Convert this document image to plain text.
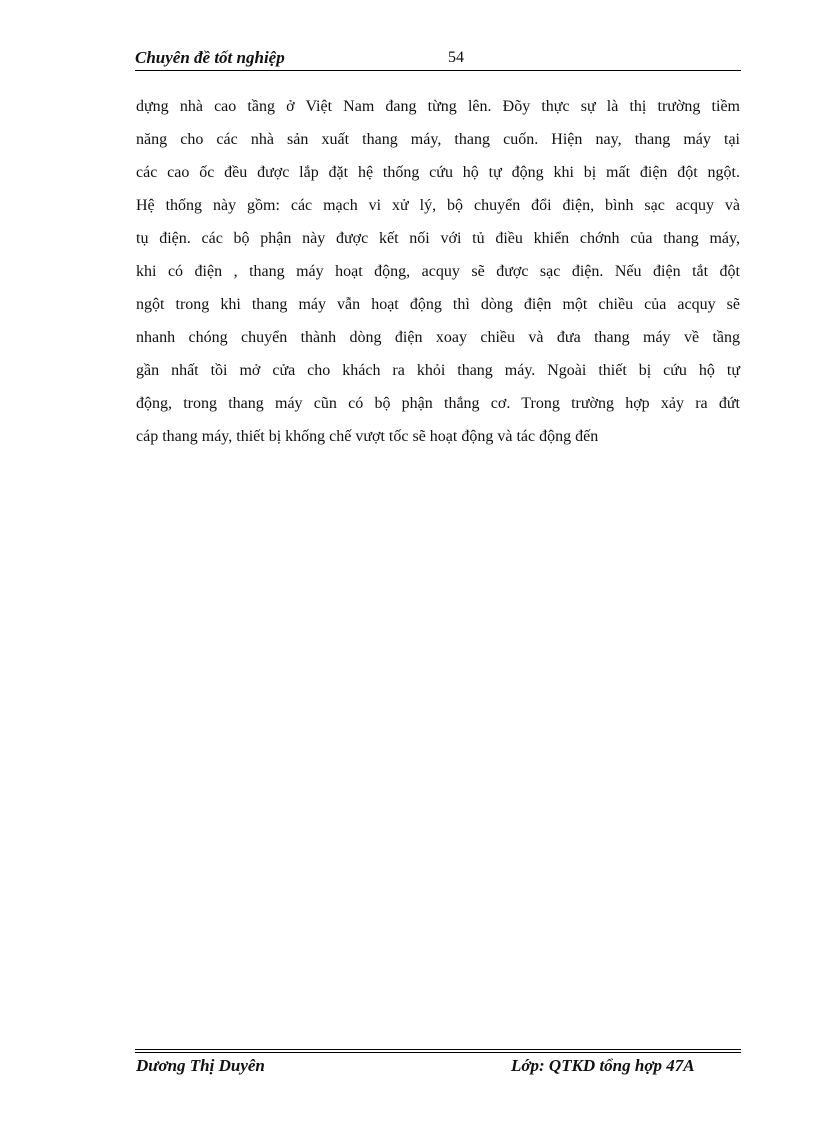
Chuyên đề tốt nghiệp	54
dựng nhà cao tầng ở Việt Nam đang từng lên. Đõy thực sự là thị trường tiềm
năng cho các nhà sản xuất thang máy, thang cuốn. Hiện nay, thang máy tại
các cao ốc đều được lắp đặt hệ thống cứu hộ tự động khi bị mất điện đột ngột.
Hệ thống này gồm: các mạch vi xử lý, bộ chuyển đổi điện, bình sạc acquy và
tụ điện. các bộ phận này được kết nối với tủ điều khiển chớnh của thang máy,
khi có điện , thang máy hoạt động, acquy sẽ được sạc điện. Nếu điện tắt đột
ngột trong khi thang máy vẫn hoạt động thì dòng điện một chiều của acquy sẽ
nhanh chóng chuyển thành dòng điện xoay chiều và đưa thang máy về tầng
gần nhất tồi mở cửa cho khách ra khỏi thang máy. Ngoài thiết bị cứu hộ tự
động, trong thang máy cũn có bộ phận thắng cơ. Trong trường hợp xảy ra đứt
cáp thang máy, thiết bị khống chế vượt tốc sẽ hoạt động và tác động đến
Dương Thị Duyên	Lớp: QTKD tổng hợp 47A
